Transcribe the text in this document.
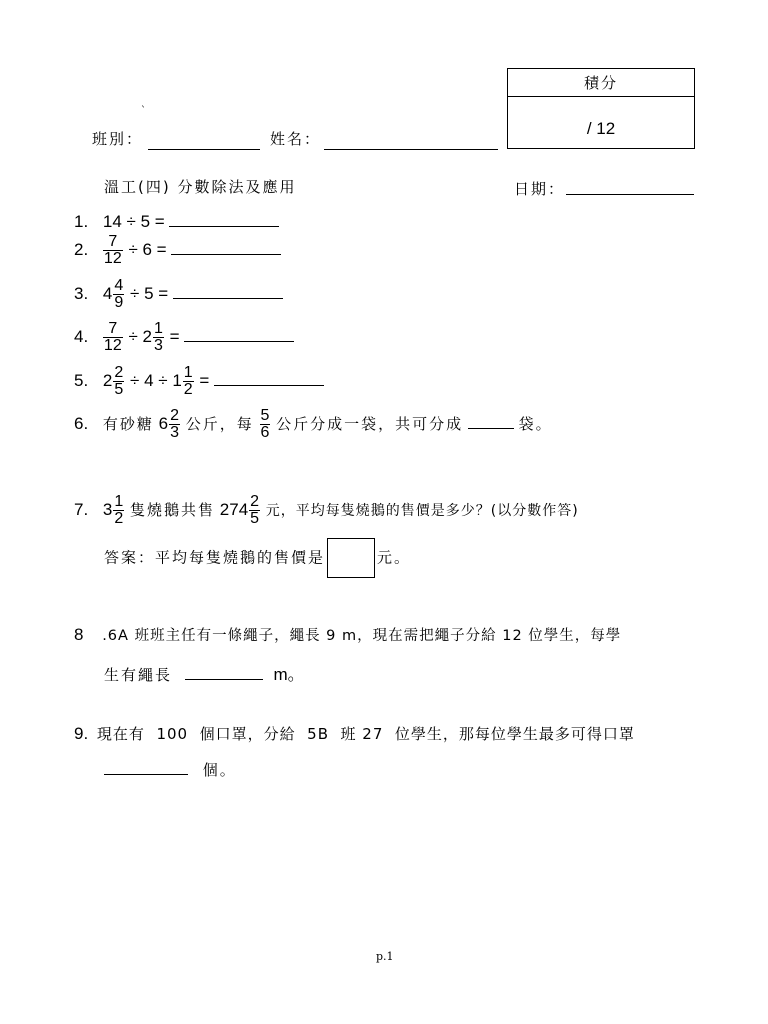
`
班別：	姓名：
積分
/ 12
溫工(四) 分數除法及應用	日期：
1. 14 ÷ 5 =
2. $\frac{7}{12} \div 6$ =
3. $4 \frac{4}{9} \div 5$ =
4. $\frac{7}{12} \div 2 \frac{1}{3}$ =
5. $2 \frac{2}{5} \div 4 \div 1 \frac{1}{2}$ =
6. 有砂糖 $6 \frac{2}{3}$ 公斤，每 $\frac{5}{6}$ 公斤分成一袋，共可分成	袋。
7. $3 \frac{1}{2}$ 隻燒鵝共售 $274 \frac{2}{5}$ 元，平均每隻燒鵝的售價是多少？(以分數作答)
答案：平均每隻燒鵝的售價是	元。
8 .6A 班班主任有一條繩子，繩長 9 m，現在需把繩子分給 12 位學生，每學
生有繩長	m。
9. 現在有  100  個口罩，分給  5B  班 27  位學生，那每位學生最多可得口罩
個。
p.1
